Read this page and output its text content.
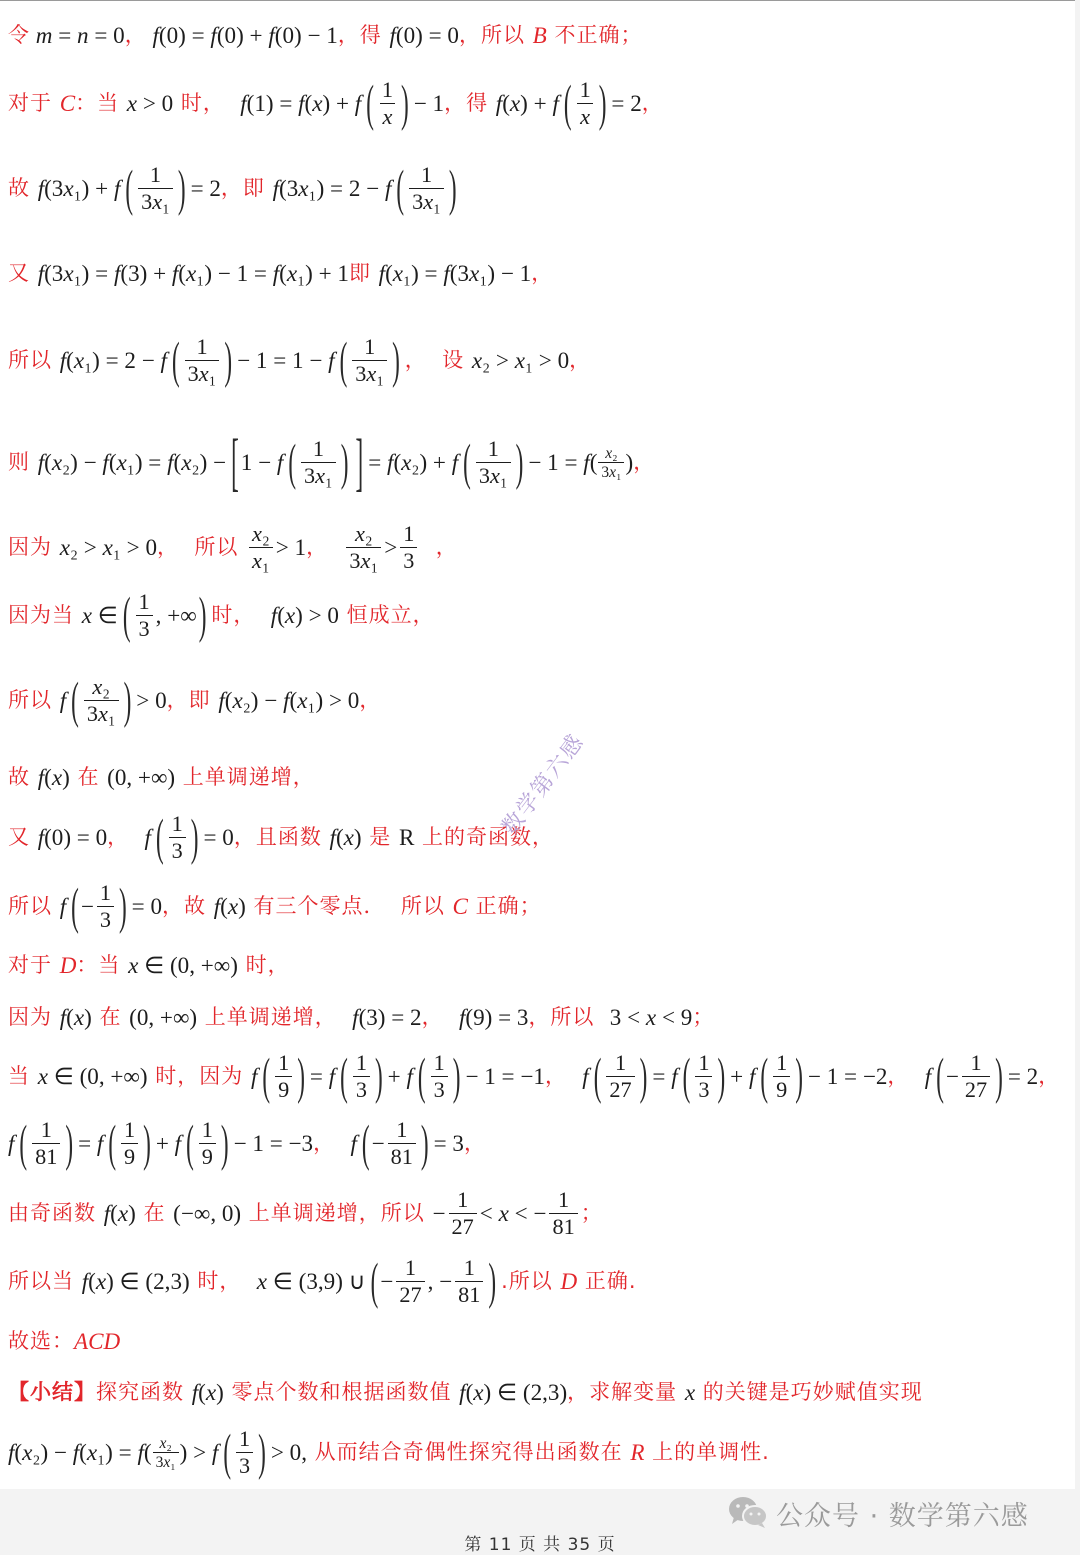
令 m = n = 0 ， f(0) = f(0) + f(0) − 1 ，得 f(0) = 0 ，所以 B 不正确；
对于 C ：当 x > 0 时， f(1) = f(x) + f ( $\frac{1}{x}$ ) − 1 ，得 f(x) + f ( $\frac{1}{x}$ ) = 2 ，
故 f(3x₁) + f ( $\frac{1}{\text{3x₁}}$ ) = 2 ，即 f(3x₁) = 2 − f ( $\frac{1}{\text{3x₁}}$ )
又 f(3x₁) = f(3) + f(x₁) − 1 = f(x₁) + 1 即 f(x₁) = f(3x₁) − 1 ，
所以 f(x₁) = 2 − f ( $\frac{1}{\text{3x₁}}$ ) − 1 = 1 − f ( $\frac{1}{\text{3x₁}}$ ) ，  设 x₂ > x₁ > 0 ，
则 f(x₂) − f(x₁) = f(x₂) − [ 1 − f ( $\frac{1}{\text{3x₁}}$ ) ] = f(x₂) + f ( $\frac{1}{\text{3x₁}}$ ) − $1 = f( \frac{\text{x₂}}{\text{3x₁}}$ ) ，
因为 x₂ > x₁ > 0 ，  所以 $\frac{\text{x₂}}{\text{x₁}} > 1$ ， $\frac{\text{x₂}}{\text{3x₁}} > \frac{1}{3}$ ，
因为当 x ∈ ( $\frac{1}{3}$ , +∞ ) 时， f(x) > 0 恒成立，
所以 f ( $\frac{\text{x₂}}{\text{3x₁}}$ ) > 0 ，即 f(x₂) − f(x₁) > 0 ，
故 f(x) 在 (0, +∞) 上单调递增，
又 f(0) = 0 ， f ( $\frac{1}{3}$ ) = 0 ，且函数 f(x) 是 R 上的奇函数，
所以 f ( − $\frac{1}{3}$ ) = 0 ，故 f(x) 有三个零点．  所以 C 正确；
对于 D ：当 x ∈ (0, +∞) 时，
因为 f(x) 在 (0, +∞) 上单调递增， f(3) = 2 ， f(9) = 3 ，所以 3 < x < 9 ；
当 x ∈ (0, +∞) 时，因为 f ( $\frac{1}{9}$ ) = f ( $\frac{1}{3}$ ) + f ( $\frac{1}{3}$ ) − 1 = −1 ， f ( $\frac{1}{27}$ ) = f ( $\frac{1}{3}$ ) + f ( $\frac{1}{9}$ ) − 1 = −2 ， f ( − $\frac{1}{27}$ ) = 2 ，
f ( $\frac{1}{81}$ ) = f ( $\frac{1}{9}$ ) + f ( $\frac{1}{9}$ ) − 1 = −3 ， f ( − $\frac{1}{81}$ ) = 3 ，
由奇函数 f(x) 在 (−∞, 0) 上单调递增，所以 − $\frac{1}{27} < x$ < − $\frac{1}{81}$ ；
所以当 f(x) ∈ (2,3) 时， x ∈ (3,9) ∪ ( − $\frac{1}{27}$ , − $\frac{1}{81}$ ) .所以 D 正确.
故选： ACD
【小结】 探究函数 f(x) 零点个数和根据函数值 f(x) ∈ (2,3) ，求解变量 x 的关键是巧妙赋值实现
$f(x_2) - f(x_1) = f( \frac{\text{x₂}}{\text{3x₁}}$ ) > f ( $\frac{1}{3}$ ) > 0, 从而结合奇偶性探究得出函数在 R 上的单调性.
数学第六感
公众号 · 数学第六感
第 11 页 共 35 页
